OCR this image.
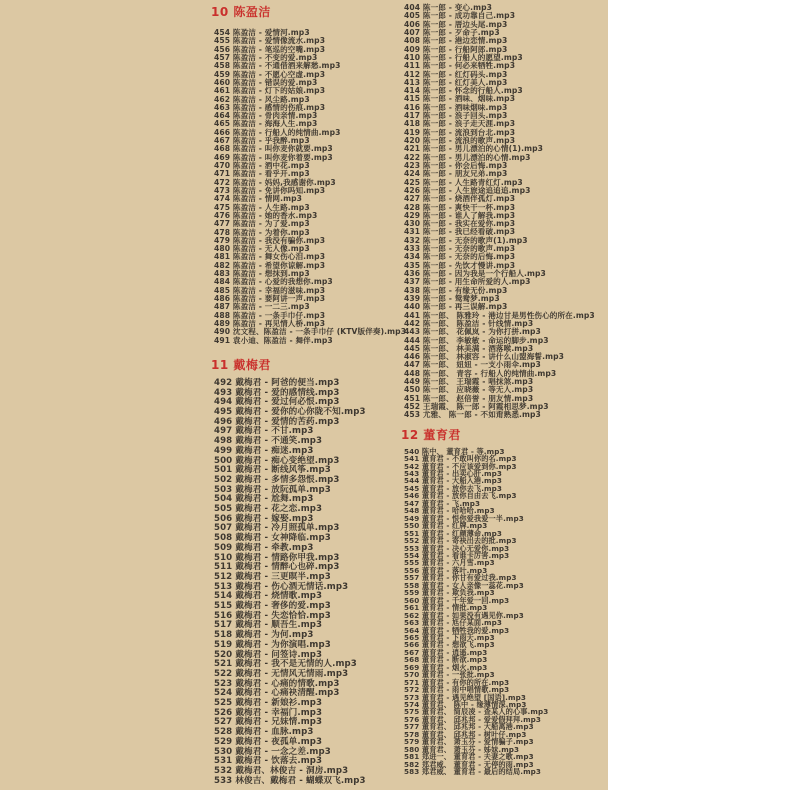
10 陈盈洁
454 陈盈洁 - 爱情河.mp3
455 陈盈洁 - 爱情像流水.mp3
456 陈盈洁 - 笔巡的空嘴.mp3
457 陈盈洁 - 不变的爱.mp3
458 陈盈洁 - 不通借酒来解愁.mp3
459 陈盈洁 - 不愿心空虚.mp3
460 陈盈洁 - 错误的爱.mp3
461 陈盈洁 - 灯下的姑娘.mp3
462 陈盈洁 - 风尘路.mp3
463 陈盈洁 - 感情的伤痕.mp3
464 陈盈洁 - 骨肉亲情.mp3
465 陈盈洁 - 海海人生.mp3
466 陈盈洁 - 行船人的纯情曲.mp3
467 陈盈洁 - 乎我醉.mp3
468 陈盈洁 - 叫你麦你就要.mp3
469 陈盈洁 - 叫你麦你着要.mp3
470 陈盈洁 - 酒中花.mp3
471 陈盈洁 - 看乎开.mp3
472 陈盈洁 - 妈妈,我感谢你.mp3
473 陈盈洁 - 免讲你吗知.mp3
474 陈盈洁 - 情网.mp3
475 陈盈洁 - 人生路.mp3
476 陈盈洁 - 她的香水.mp3
477 陈盈洁 - 为了爱.mp3
478 陈盈洁 - 为着你.mp3
479 陈盈洁 - 我没有骗你.mp3
480 陈盈洁 - 无人像.mp3
481 陈盈洁 - 舞女伤心泪.mp3
482 陈盈洁 - 希望你谅解.mp3
483 陈盈洁 - 想抹到.mp3
484 陈盈洁 - 心爱的我想你.mp3
485 陈盈洁 - 幸福的滋味.mp3
486 陈盈洁 - 要阿讲一声.mp3
487 陈盈洁 - 一二三.mp3
488 陈盈洁 - 一条手巾仔.mp3
489 陈盈洁 - 再见情人桥.mp3
490 沈文程、陈盈洁 - 一条手巾仔 (KTV版伴奏).mp3
491 袁小迪、陈盈洁 - 舞伴.mp3
11 戴梅君
492 戴梅君 - 阿爸的便当.mp3
493 戴梅君 - 爱的感情线.mp3
494 戴梅君 - 爱过何必恨.mp3
495 戴梅君 - 爱你的心你陇不知.mp3
496 戴梅君 - 爱情的苦药.mp3
497 戴梅君 - 不甘.mp3
498 戴梅君 - 不通笑.mp3
499 戴梅君 - 痴迷.mp3
500 戴梅君 - 痴心变绝望.mp3
501 戴梅君 - 断线风筝.mp3
502 戴梅君 - 多情多怨恨.mp3
503 戴梅君 - 放阮孤单.mp3
504 戴梅君 - 尬舞.mp3
505 戴梅君 - 花之恋.mp3
506 戴梅君 - 嫁娶.mp3
507 戴梅君 - 冷月照孤单.mp3
508 戴梅君 - 女神降临.mp3
509 戴梅君 - 牵教.mp3
510 戴梅君 - 情路你甲我.mp3
511 戴梅君 - 情醉心也碎.mp3
512 戴梅君 - 三更暝半.mp3
513 戴梅君 - 伤心酒无情话.mp3
514 戴梅君 - 烧情歌.mp3
515 戴梅君 - 奢侈的爱.mp3
516 戴梅君 - 失恋恰恰.mp3
517 戴梅君 - 顺吾生.mp3
518 戴梅君 - 为何.mp3
519 戴梅君 - 为你演唱.mp3
520 戴梅君 - 问签诗.mp3
521 戴梅君 - 我不是无情的人.mp3
522 戴梅君 - 无情风无情雨.mp3
523 戴梅君 - 心痛的情歌.mp3
524 戴梅君 - 心痛袂清醒.mp3
525 戴梅君 - 新娘衫.mp3
526 戴梅君 - 幸福门.mp3
527 戴梅君 - 兄妹情.mp3
528 戴梅君 - 血脉.mp3
529 戴梅君 - 夜孤单.mp3
530 戴梅君 - 一念之差.mp3
531 戴梅君 - 饮落去.mp3
532 戴梅君、林俊吉 - 洞房.mp3
533 林俊吉、戴梅君 - 蝴蝶双飞.mp3
404 陈一郎 - 变心.mp3
405 陈一郎 - 成功靠自己.mp3
406 陈一郎 - 厝边头尾.mp3
407 陈一郎 - 歹命子.mp3
408 陈一郎 - 港边恋情.mp3
409 陈一郎 - 行船阿郎.mp3
410 陈一郎 - 行船人的愿望.mp3
411 陈一郎 - 何必来牺牲.mp3
412 陈一郎 - 红灯码头.mp3
413 陈一郎 - 红灯美人.mp3
414 陈一郎 - 怀念的行船人.mp3
415 陈一郎 - 酒味、烟味.mp3
416 陈一郎 - 酒味烟味.mp3
417 陈一郎 - 浪子回头.mp3
418 陈一郎 - 浪子走天涯.mp3
419 陈一郎 - 流浪到台北.mp3
420 陈一郎 - 流浪的歌声.mp3
421 陈一郎 - 男儿漂泊的心情(1).mp3
422 陈一郎 - 男儿漂泊的心情.mp3
423 陈一郎 - 你会后悔.mp3
424 陈一郎 - 朋友兄弟.mp3
425 陈一郎 - 人生路青红灯.mp3
426 陈一郎 - 人生旅途追追追.mp3
427 陈一郎 - 烧酒伴孤灯.mp3
428 陈一郎 - 爽快干一杯.mp3
429 陈一郎 - 谁人了解我.mp3
430 陈一郎 - 我实在爱你.mp3
431 陈一郎 - 我已经看破.mp3
432 陈一郎 - 无奈的歌声(1).mp3
433 陈一郎 - 无奈的歌声.mp3
434 陈一郎 - 无奈的后悔.mp3
435 陈一郎 - 先饮才慢讲.mp3
436 陈一郎 - 因为我是一个行船人.mp3
437 陈一郎 - 用生命所爱的人.mp3
438 陈一郎 - 有缘无份.mp3
439 陈一郎 - 鸳鸯梦.mp3
440 陈一郎 - 再三误解.mp3
441 陈一郎、 陈雅玲 - 港边甘是男性伤心的所在.mp3
442 陈一郎、 陈盈洁 - 针线情.mp3
443 陈一郎、 花佩岚 - 为你打拼.mp3
444 陈一郎、 李敏敏 - 命运的脚步.mp3
445 陈一郎、 林美满 - 酒落喉.mp3
446 陈一郎、 林淑容 - 讲什么山盟海誓.mp3
447 陈一郎、 妞妞 - 一支小雨伞.mp3
448 陈一郎、 青容 - 行船人的纯情曲.mp3
449 陈一郎、 王瑞霞 - 唱抹煞.mp3
450 陈一郎、 应晓薇 - 等无人.mp3
451 陈一郎、 赵倍誉 - 朋友情.mp3
452 王瑞霞、 陈一郎 - 阿霞相思梦.mp3
453 尤雅、 陈一郎 - 不如甭熟悉.mp3
12 董育君
540 陈中、 董育君 - 等.mp3
541 董育君 - 不敢叫你的名.mp3
542 董育君 - 不应该爱到你.mp3
543 董育君 - 出卖心肝.mp3
544 董育君 - 大船入港.mp3
545 董育君 - 放你去飞.mp3
546 董育君 - 放你自由去飞.mp3
547 董育君 - 飞.mp3
548 董育君 - 哈哈哈.mp3
549 董育君 - 恨你爱我爱一半.mp3
550 董育君 - 红牌.mp3
551 董育君 - 红颜薄命.mp3
552 董育君 - 寄袂出去的批.mp3
553 董育君 - 决心无爱你.mp3
554 董育君 - 看谁卡厉害.mp3
555 董育君 - 六月雪.mp3
556 董育君 - 落叶.mp3
557 董育君 - 你甘有爱过我.mp3
558 董育君 - 女人亲像一蕊花.mp3
559 董育君 - 欺负我.mp3
560 董育君 - 千年爱一回.mp3
561 董育君 - 情批.mp3
562 董育君 - 如果没有遇见你.mp3
563 董育君 - 尪仔某面.mp3
564 董育君 - 牺牲我的爱.mp3
565 董育君 - 下雨天.mp3
566 董育君 - 想欲飞.mp3
567 董育君 - 逍遥.mp3
568 董育君 - 断欲.mp3
569 董育君 - 烟火.mp3
570 董育君 - 一张批.mp3
571 董育君 - 有你的所在.mp3
572 董育君 - 雨中唱情歌.mp3
573 董育君 - 遇见绝望 [国语].mp3
574 董育君、 陈中 - 缘薄情深.mp3
575 董育君、 简辰凌 - 查某人的心事.mp3
576 董育君、 邱兆邦 - 爱爱假拜拜.mp3
577 董育君、 邱兆邦 - 大船离港.mp3
578 董育君、 邱兆邦 - 树叶仔.mp3
579 董育君、 萧玉芬 - 爱情骗子.mp3
580 董育君、 萧玉芬 - 姊妹.mp3
581 郑进一、 董育君 - 夫妻之歌.mp3
582 郑君威、 董育君 - 无停的雨.mp3
583 郑君威、 董育君 - 最后的结局.mp3
